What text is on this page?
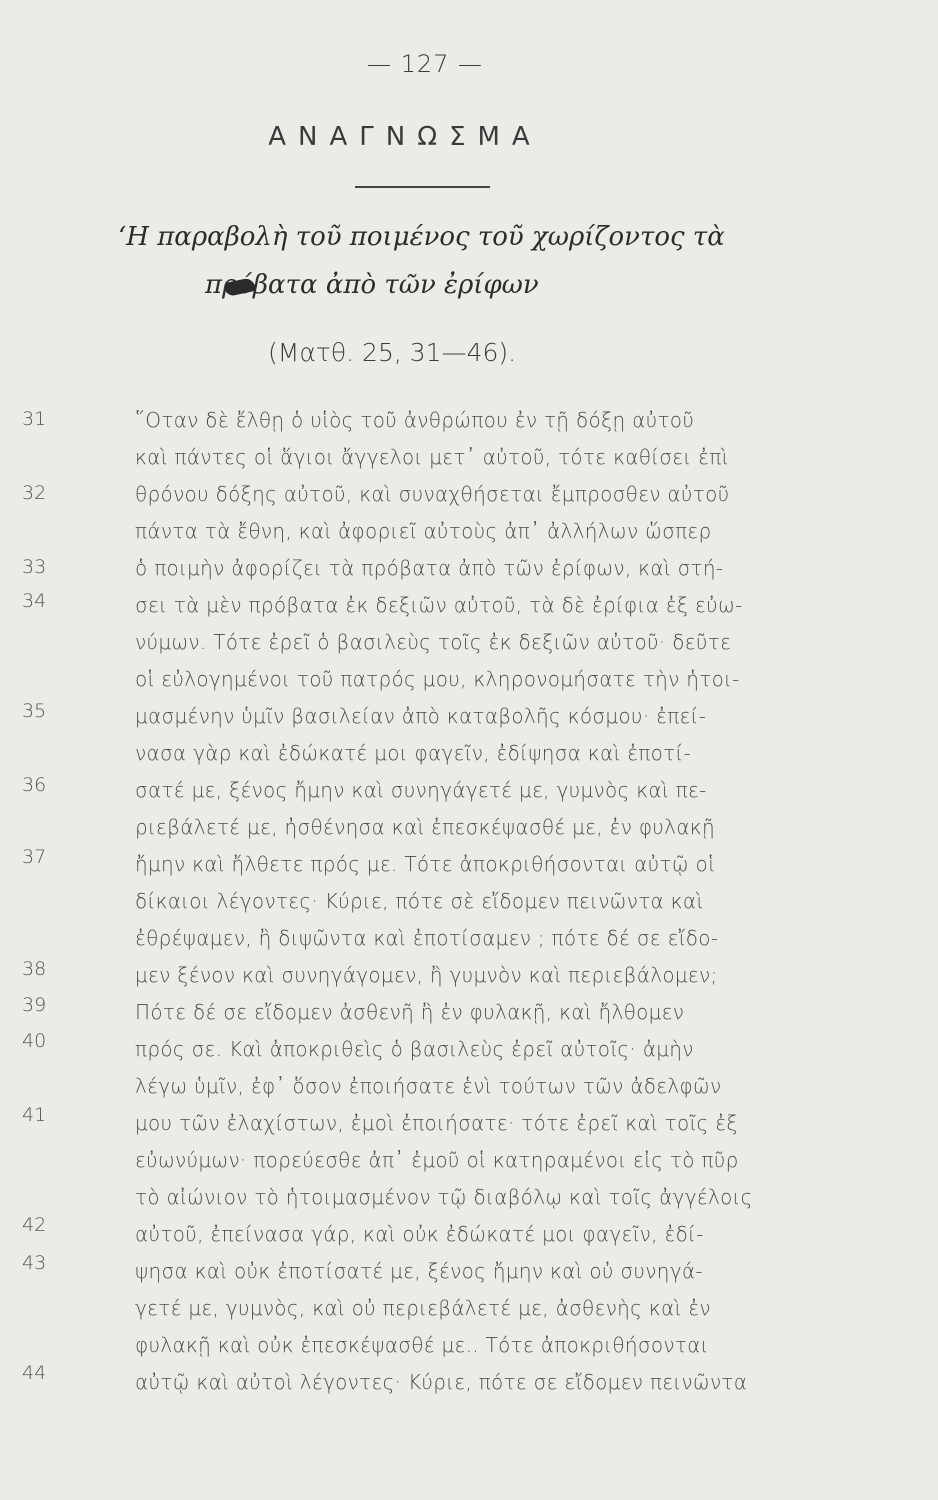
— 127 —
ΑΝΑΓΝΩΣΜΑ
‘Η παραβολὴ τοῦ ποιμένος τοῦ χωρίζοντος τὰ
πρόβατα ἀπὸ τῶν ἐρίφων
(Ματθ. 25, 31—46).
31
32
33
34
35
36
37
38
39
40
41
42
43
44
῞Οταν δὲ ἔλθῃ ὁ υἱὸς τοῦ ἀνθρώπου ἐν τῇ δόξῃ αὐτοῦ
καὶ πάντες οἱ ἅγιοι ἄγγελοι μετ᾽ αὐτοῦ, τότε καθίσει ἐπὶ
θρόνου δόξης αὐτοῦ, καὶ συναχθήσεται ἔμπροσθεν αὐτοῦ
πάντα τὰ ἔθνη, καὶ ἀφοριεῖ αὐτοὺς ἀπ᾽ ἀλλήλων ὥσπερ
ὁ ποιμὴν ἀφορίζει τὰ πρόβατα ἀπὸ τῶν ἐρίφων, καὶ στή-
σει τὰ μὲν πρόβατα ἐκ δεξιῶν αὐτοῦ, τὰ δὲ ἐρίφια ἐξ εὐω-
νύμων. Τότε ἐρεῖ ὁ βασιλεὺς τοῖς ἐκ δεξιῶν αὐτοῦ· δεῦτε
οἱ εὐλογημένοι τοῦ πατρός μου, κληρονομήσατε τὴν ἡτοι-
μασμένην ὑμῖν βασιλείαν ἀπὸ καταβολῆς κόσμου· ἐπεί-
νασα γὰρ καὶ ἐδώκατέ μοι φαγεῖν, ἐδίψησα καὶ ἐποτί-
σατέ με, ξένος ἤμην καὶ συνηγάγετέ με, γυμνὸς καὶ πε-
ριεβάλετέ με, ἠσθένησα καὶ ἐπεσκέψασθέ με, ἐν φυλακῇ
ἤμην καὶ ἤλθετε πρός με. Τότε ἀποκριθήσονται αὐτῷ οἱ
δίκαιοι λέγοντες· Κύριε, πότε σὲ εἴδομεν πεινῶντα καὶ
ἐθρέψαμεν, ἢ διψῶντα καὶ ἐποτίσαμεν ; πότε δέ σε εἴδο-
μεν ξένον καὶ συνηγάγομεν, ἢ γυμνὸν καὶ περιεβάλομεν;
Πότε δέ σε εἴδομεν ἀσθενῆ ἢ ἐν φυλακῇ, καὶ ἤλθομεν
πρός σε. Καὶ ἀποκριθεὶς ὁ βασιλεὺς ἐρεῖ αὐτοῖς· ἀμὴν
λέγω ὑμῖν, ἐφ᾽ ὅσον ἐποιήσατε ἑνὶ τούτων τῶν ἀδελφῶν
μου τῶν ἐλαχίστων, ἐμοὶ ἐποιήσατε· τότε ἐρεῖ καὶ τοῖς ἐξ
εὐωνύμων· πορεύεσθε ἀπ᾽ ἐμοῦ οἱ κατηραμένοι εἰς τὸ πῦρ
τὸ αἰώνιον τὸ ἡτοιμασμένον τῷ διαβόλῳ καὶ τοῖς ἀγγέλοις
αὐτοῦ, ἐπείνασα γάρ, καὶ οὐκ ἐδώκατέ μοι φαγεῖν, ἐδί-
ψησα καὶ οὐκ ἐποτίσατέ με, ξένος ἤμην καὶ οὐ συνηγά-
γετέ με, γυμνὸς, καὶ οὐ περιεβάλετέ με, ἀσθενὴς καὶ ἐν
φυλακῇ καὶ οὐκ ἐπεσκέψασθέ με.. Τότε ἀποκριθήσονται
αὐτῷ καὶ αὐτοὶ λέγοντες· Κύριε, πότε σε εἴδομεν πεινῶντα
